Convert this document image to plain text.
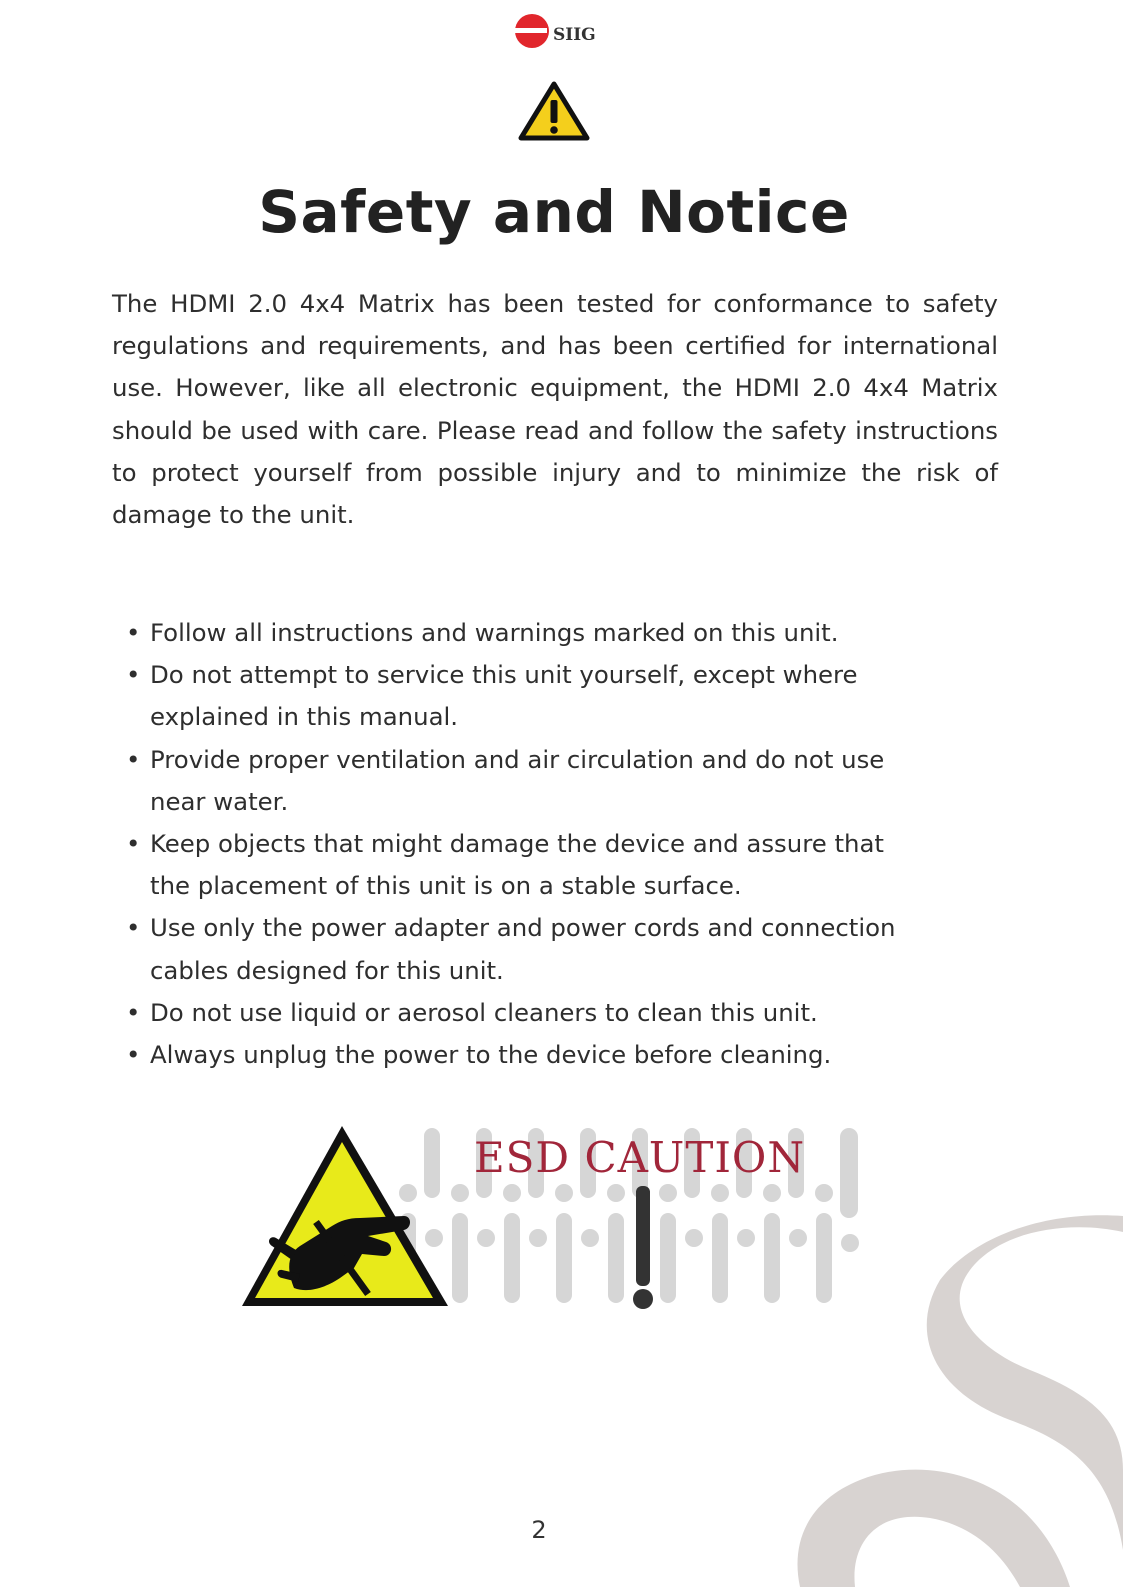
SIIG
Safety and Notice

The HDMI 2.0 4x4 Matrix has been tested for conformance to safety regulations and requirements, and has been certified for international use. However, like all electronic equipment, the HDMI 2.0 4x4 Matrix should be used with care. Please read and follow the safety instructions to protect yourself from possible injury and to minimize the risk of damage to the unit.

• Follow all instructions and warnings marked on this unit.
• Do not attempt to service this unit yourself, except where explained in this manual.
• Provide proper ventilation and air circulation and do not use near water.
• Keep objects that might damage the device and assure that the placement of this unit is on a stable surface.
• Use only the power adapter and power cords and connection cables designed for this unit.
• Do not use liquid or aerosol cleaners to clean this unit.
• Always unplug the power to the device before cleaning.
ESD CAUTION
2
